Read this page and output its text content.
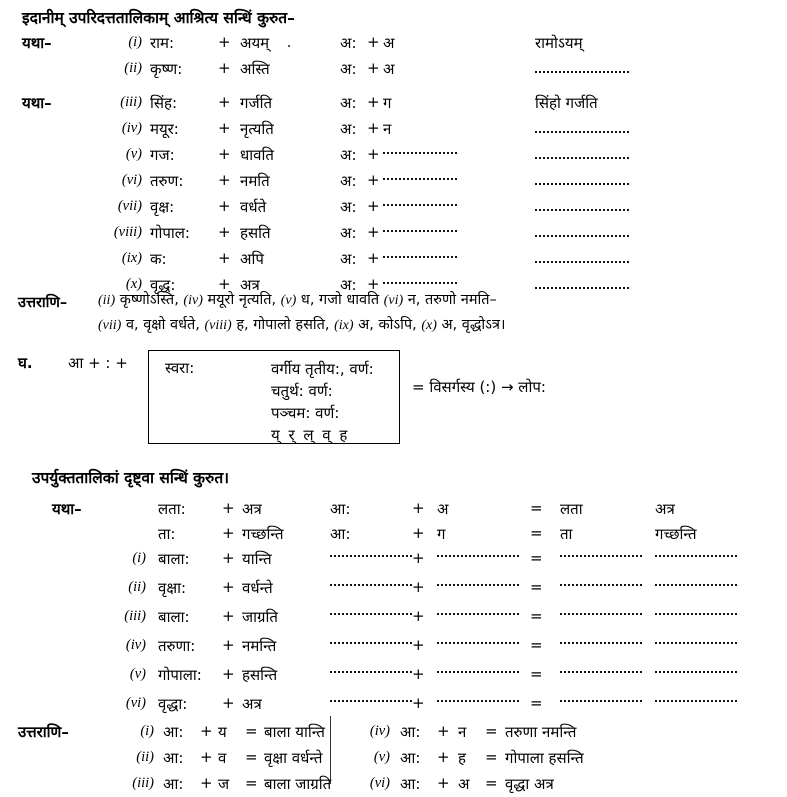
इदानीम् उपरिदत्ततालिकाम् आश्रित्य सन्धिं कुरुत–
यथा–	(i) राम:	+ अयम्	अ: + अ	रामोऽयम्
(ii) कृष्ण: + अस्ति	अ: + अ
यथा–	(iii) सिंह:	+ गर्जति	अ: + ग	सिंहो गर्जति
(iv) मयूर:	+ नृत्यति	अ: + न
(v) गज:	+ धावति	अ: +
(vi) तरुण: + नमति	अ: +
(vii) वृक्ष:	+ वर्धते	अ: +
(viii) गोपाल: + हसति	अ: +
(ix) क:	+ अपि	अ: +
(x) वृद्ध:	+ अत्र	अ: +
उत्तराणि– (ii) कृष्णोऽस्ति, (iv) मयूरो नृत्यति, (v) ध, गजो धावति (vi) न, तरुणो नमति–
(vii) व, वृक्षो वर्धते, (viii) ह, गोपालो हसति, (ix) अ, कोऽपि, (x) अ, वृद्धोऽत्र।
घ. आ + : + स्वरा:	वर्गीय तृतीय:, वर्ण:
चतुर्थ: वर्ण:
पञ्चम: वर्ण:
य् र् ल् व् ह
= विसर्गस्य (:) → लोप:
उपर्युक्ततालिकां दृष्ट्वा सन्धिं कुरुत।
यथा–	लता: + अत्र	आ:	+ अ	= लता	अत्र
ता:	+ गच्छन्ति	आ:	+ ग	= ता	गच्छन्ति
(i) बाला: + यान्ति	+	=
(ii) वृक्षा: + वर्धन्ते	+	=
(iii) बाला: + जाग्रति	+	=
(iv) तरुणा: + नमन्ति	+	=
(v) गोपाला: + हसन्ति	+	=
(vi) वृद्धा: + अत्र	+	=
उत्तराणि–	(i) आ: + य = बाला यान्ति	(iv) आ: + न = तरुणा नमन्ति
(ii) आ: + व = वृक्षा वर्धन्ते	(v) आ: + ह = गोपाला हसन्ति
(iii) आ: + ज = बाला जाग्रति	(vi) आ: + अ = वृद्धा अत्र
